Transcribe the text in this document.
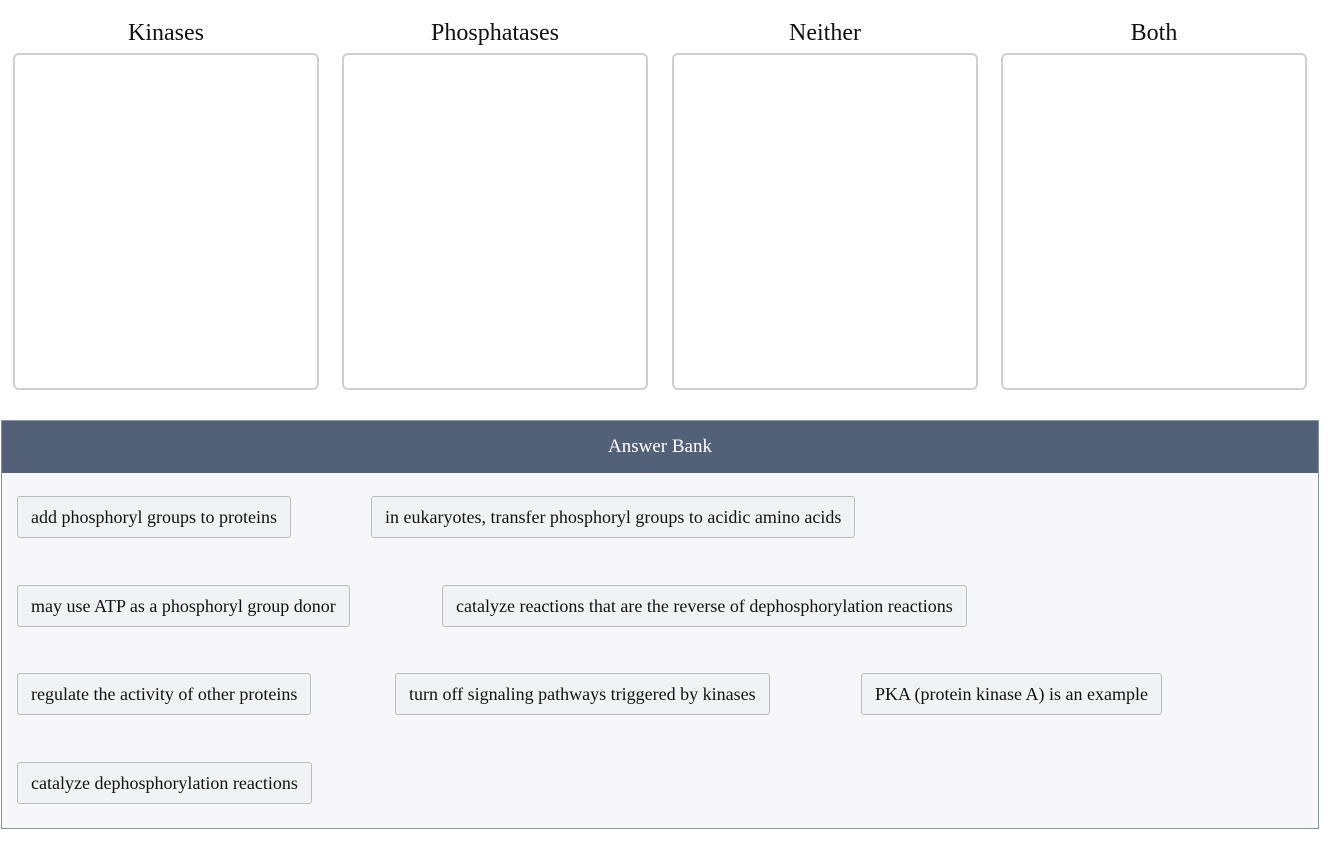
Kinases	Phosphatases	Neither	Both
Answer Bank
add phosphoryl groups to proteins	in eukaryotes, transfer phosphoryl groups to acidic amino acids
may use ATP as a phosphoryl group donor	catalyze reactions that are the reverse of dephosphorylation reactions
regulate the activity of other proteins	turn off signaling pathways triggered by kinases	PKA (protein kinase A) is an example
catalyze dephosphorylation reactions
